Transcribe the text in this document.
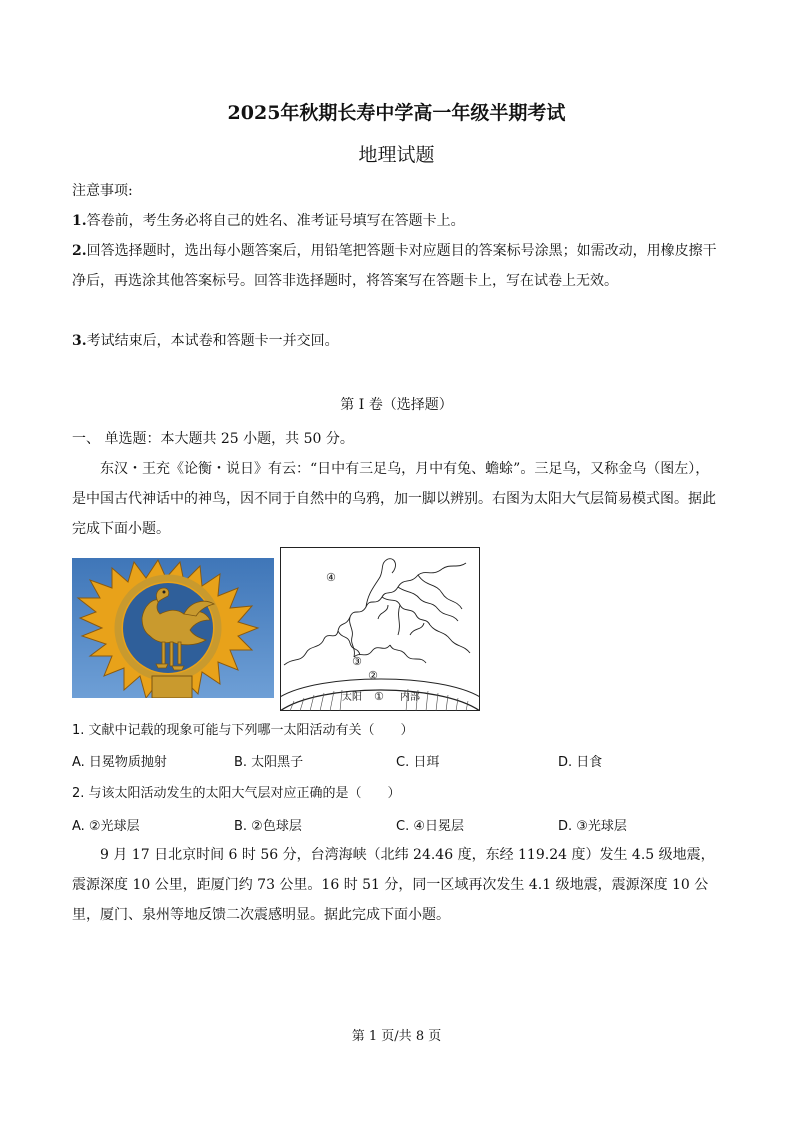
2025年秋期长寿中学高一年级半期考试
地理试题
注意事项:
1.答卷前，考生务必将自己的姓名、准考证号填写在答题卡上。
2.回答选择题时，选出每小题答案后，用铅笔把答题卡对应题目的答案标号涂黑；如需改动，用橡皮擦干净后，再选涂其他答案标号。回答非选择题时，将答案写在答题卡上，写在试卷上无效。
3.考试结束后，本试卷和答题卡一并交回。
第 I 卷（选择题）
一、 单选题：本大题共 25 小题，共 50 分。
东汉・王充《论衡・说日》有云：“日中有三足乌，月中有兔、蟾蜍”。三足乌，又称金乌（图左），是中国古代神话中的神鸟，因不同于自然中的乌鸦，加一脚以辨别。右图为太阳大气层简易模式图。据此完成下面小题。
④
③
②
太阳 ① 内部
1. 文献中记载的现象可能与下列哪一太阳活动有关（　　）
A. 日冕物质抛射	B. 太阳黑子	C. 日珥	D. 日食
2. 与该太阳活动发生的太阳大气层对应正确的是（　　）
A. ②光球层	B. ②色球层	C. ④日冕层	D. ③光球层
9 月 17 日北京时间 6 时 56 分，台湾海峡（北纬 24.46 度，东经 119.24 度）发生 4.5 级地震，震源深度 10 公里，距厦门约 73 公里。16 时 51 分，同一区域再次发生 4.1 级地震，震源深度 10 公里，厦门、泉州等地反馈二次震感明显。据此完成下面小题。
第 1 页/共 8 页
